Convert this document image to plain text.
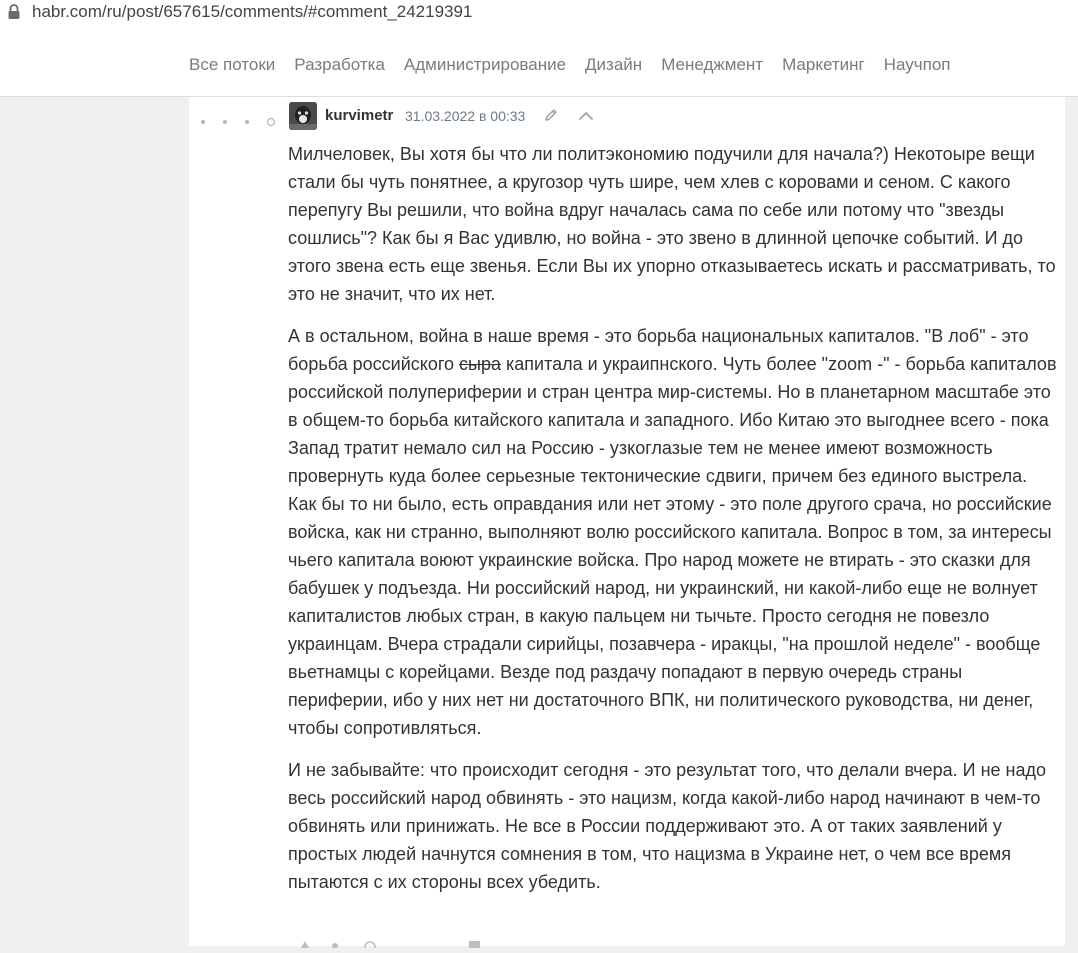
habr.com/ru/post/657615/comments/#comment_24219391
Все потоки Разработка Администрирование Дизайн Менеджмент Маркетинг Научпоп
kurvimetr 31.03.2022 в 00:33

Милчеловек, Вы хотя бы что ли политэкономию подучили для начала?) Некотоыре вещи стали бы чуть понятнее, а кругозор чуть шире, чем хлев с коровами и сеном. С какого перепугу Вы решили, что война вдруг началась сама по себе или потому что "звезды сошлись"? Как бы я Вас удивлю, но война - это звено в длинной цепочке событий. И до этого звена есть еще звенья. Если Вы их упорно отказываетесь искать и рассматривать, то это не значит, что их нет.

А в остальном, война в наше время - это борьба национальных капиталов. "В лоб" - это борьба российского сыра капитала и украипнского. Чуть более "zoom -" - борьба капиталов российской полупериферии и стран центра мир-системы. Но в планетарном масштабе это в общем-то борьба китайского капитала и западного. Ибо Китаю это выгоднее всего - пока Запад тратит немало сил на Россию - узкоглазые тем не менее имеют возможность провернуть куда более серьезные тектонические сдвиги, причем без единого выстрела. Как бы то ни было, есть оправдания или нет этому - это поле другого срача, но российские войска, как ни странно, выполняют волю российского капитала. Вопрос в том, за интересы чьего капитала воюют украинские войска. Про народ можете не втирать - это сказки для бабушек у подъезда. Ни российский народ, ни украинский, ни какой-либо еще не волнует капиталистов любых стран, в какую пальцем ни тычьте. Просто сегодня не повезло украинцам. Вчера страдали сирийцы, позавчера - иракцы, "на прошлой неделе" - вообще вьетнамцы с корейцами. Везде под раздачу попадают в первую очередь страны периферии, ибо у них нет ни достаточного ВПК, ни политического руководства, ни денег, чтобы сопротивляться.

И не забывайте: что происходит сегодня - это результат того, что делали вчера. И не надо весь российский народ обвинять - это нацизм, когда какой-либо народ начинают в чем-то обвинять или принижать. Не все в России поддерживают это. А от таких заявлений у простых людей начнутся сомнения в том, что нацизма в Украине нет, о чем все время пытаются с их стороны всех убедить.
